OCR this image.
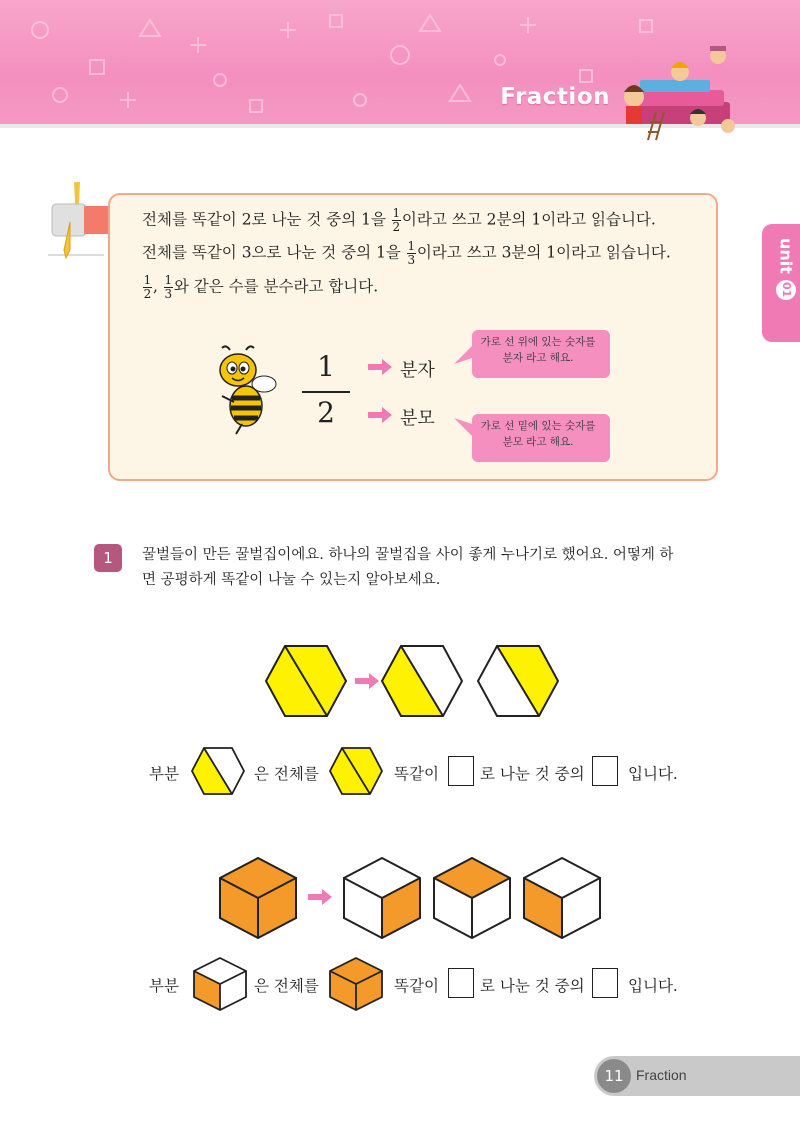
Fraction
unit
01
전체를 똑같이 2로 나눈 것 중의 1을 $\frac{1}{2}$ 이라고 쓰고 2분의 1이라고 읽습니다.
전체를 똑같이 3으로 나눈 것 중의 1을 $\frac{1}{3}$ 이라고 쓰고 3분의 1이라고 읽습니다.
$\frac{1}{2}$ , $\frac{1}{3}$ 와 같은 수를 분수라고 합니다.
1
2
분자
분모
가로 선 위에 있는 숫자를 분자 라고 해요.
가로 선 밑에 있는 숫자를 분모 라고 해요.
1	꿀벌들이 만든 꿀벌집이에요. 하나의 꿀벌집을 사이 좋게 누나기로 했어요. 어떻게 하
면 공평하게 똑같이 나눌 수 있는지 알아보세요.
부분	은 전체를	똑같이	로 나눈 것 중의	입니다.
부분	은 전체를	똑같이	로 나눈 것 중의	입니다.
11 Fraction
